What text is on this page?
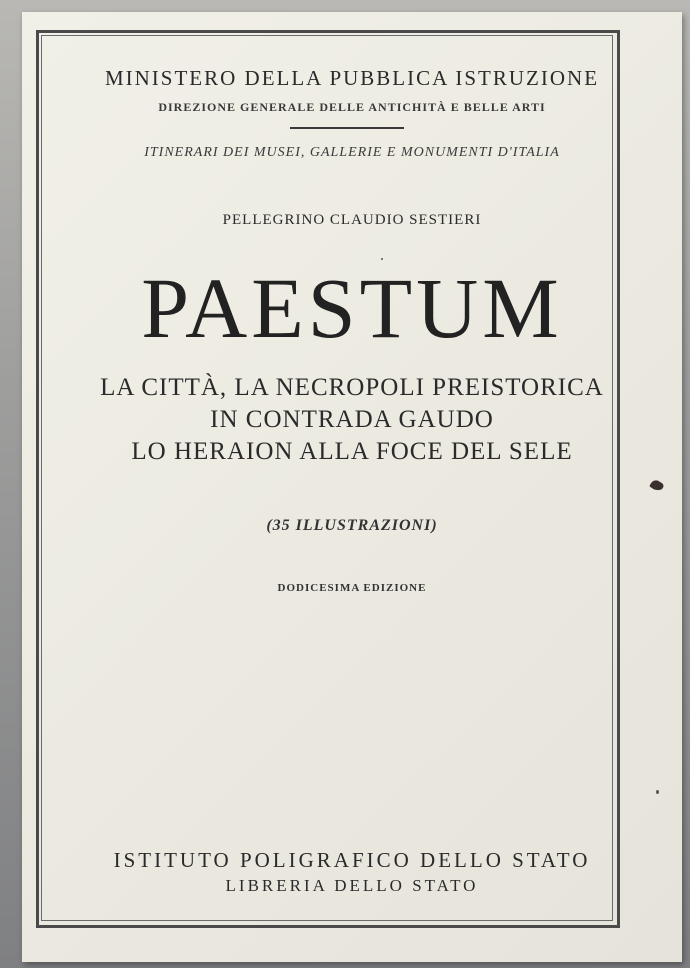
MINISTERO DELLA PUBBLICA ISTRUZIONE
DIREZIONE GENERALE DELLE ANTICHITÀ E BELLE ARTI
ITINERARI DEI MUSEI, GALLERIE E MONUMENTI D'ITALIA
PELLEGRINO CLAUDIO SESTIERI
PAESTUM
LA CITTÀ, LA NECROPOLI PREISTORICA
IN CONTRADA GAUDO
LO HERAION ALLA FOCE DEL SELE
(35 ILLUSTRAZIONI)
DODICESIMA EDIZIONE
ISTITUTO POLIGRAFICO DELLO STATO
LIBRERIA DELLO STATO
